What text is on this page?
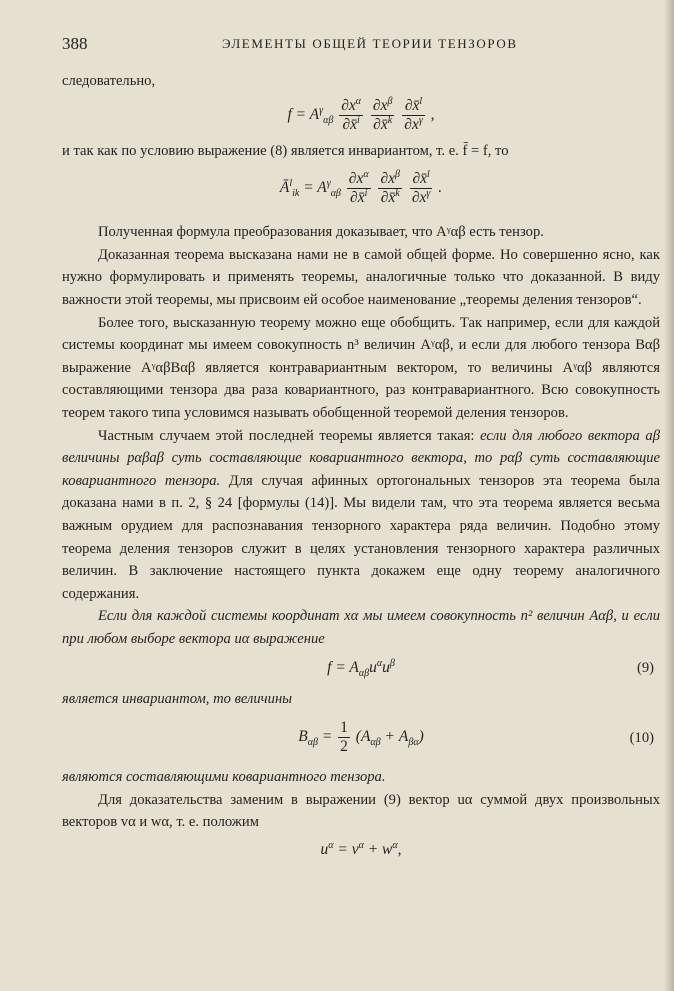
388	ЭЛЕМЕНТЫ ОБЩЕЙ ТЕОРИИ ТЕНЗОРОВ

следовательно,

$f = A^\gamma_{\alpha\beta} \frac{\partial x^\alpha}{\partial x̄^i}$
$\frac{\partial x^\beta}{\partial x̄^k}$
$\frac{\partial x̄^l}{\partial x^\gamma}$ ,

и так как по условию выражение (8) является инвариантом, т. е. f̄ = f, то

$Ā^l_{ik} = A^\gamma_{\alpha\beta} \frac{\partial x^\alpha}{\partial x̄^i}$
$\frac{\partial x^\beta}{\partial x̄^k}$
$\frac{\partial x̄^l}{\partial x^\gamma}$ .

Полученная формула преобразования доказывает, что Aᵞαβ есть тензор.

Доказанная теорема высказана нами не в самой общей форме. Но совершенно ясно, как нужно формулировать и применять теоремы, аналогичные только что доказанной. В виду важности этой теоремы, мы присвоим ей особое наименование „теоремы деления тензоров“.

Более того, высказанную теорему можно еще обобщить. Так например, если для каждой системы координат мы имеем совокупность n³ величин Aᵞαβ, и если для любого тензора Bαβ выражение AᵞαβBαβ является контравариантным вектором, то величины Aᵞαβ являются составляющими тензора два раза ковариантного, раз контравариантного. Всю совокупность теорем такого типа условимся называть обобщенной теоремой деления тензоров.

Частным случаем этой последней теоремы является такая: если для любого вектора aβ величины pαβaβ суть составляющие ковариантного вектора, то pαβ суть составляющие ковариантного тензора. Для случая афинных ортогональных тензоров эта теорема была доказана нами в п. 2, § 24 [формулы (14)]. Мы видели там, что эта теорема является весьма важным орудием для распознавания тензорного характера ряда величин. Подобно этому теорема деления тензоров служит в целях установления тензорного характера различных величин. В заключение настоящего пункта докажем еще одну теорему аналогичного содержания.

Если для каждой системы координат xα мы имеем совокупность n² величин Aαβ, и если при любом выборе вектора uα выражение

$f = A_{\alpha\beta}u^\alpha u^\beta$	(9)

является инвариантом, то величины

$B_{\alpha\beta} = \frac{1}{2} (A_{\alpha\beta} + A_{\beta\alpha})$	(10)

являются составляющими ковариантного тензора.

Для доказательства заменим в выражении (9) вектор uα суммой двух произвольных векторов vα и wα, т. е. положим

$u^\alpha = v^\alpha + w^\alpha$,
